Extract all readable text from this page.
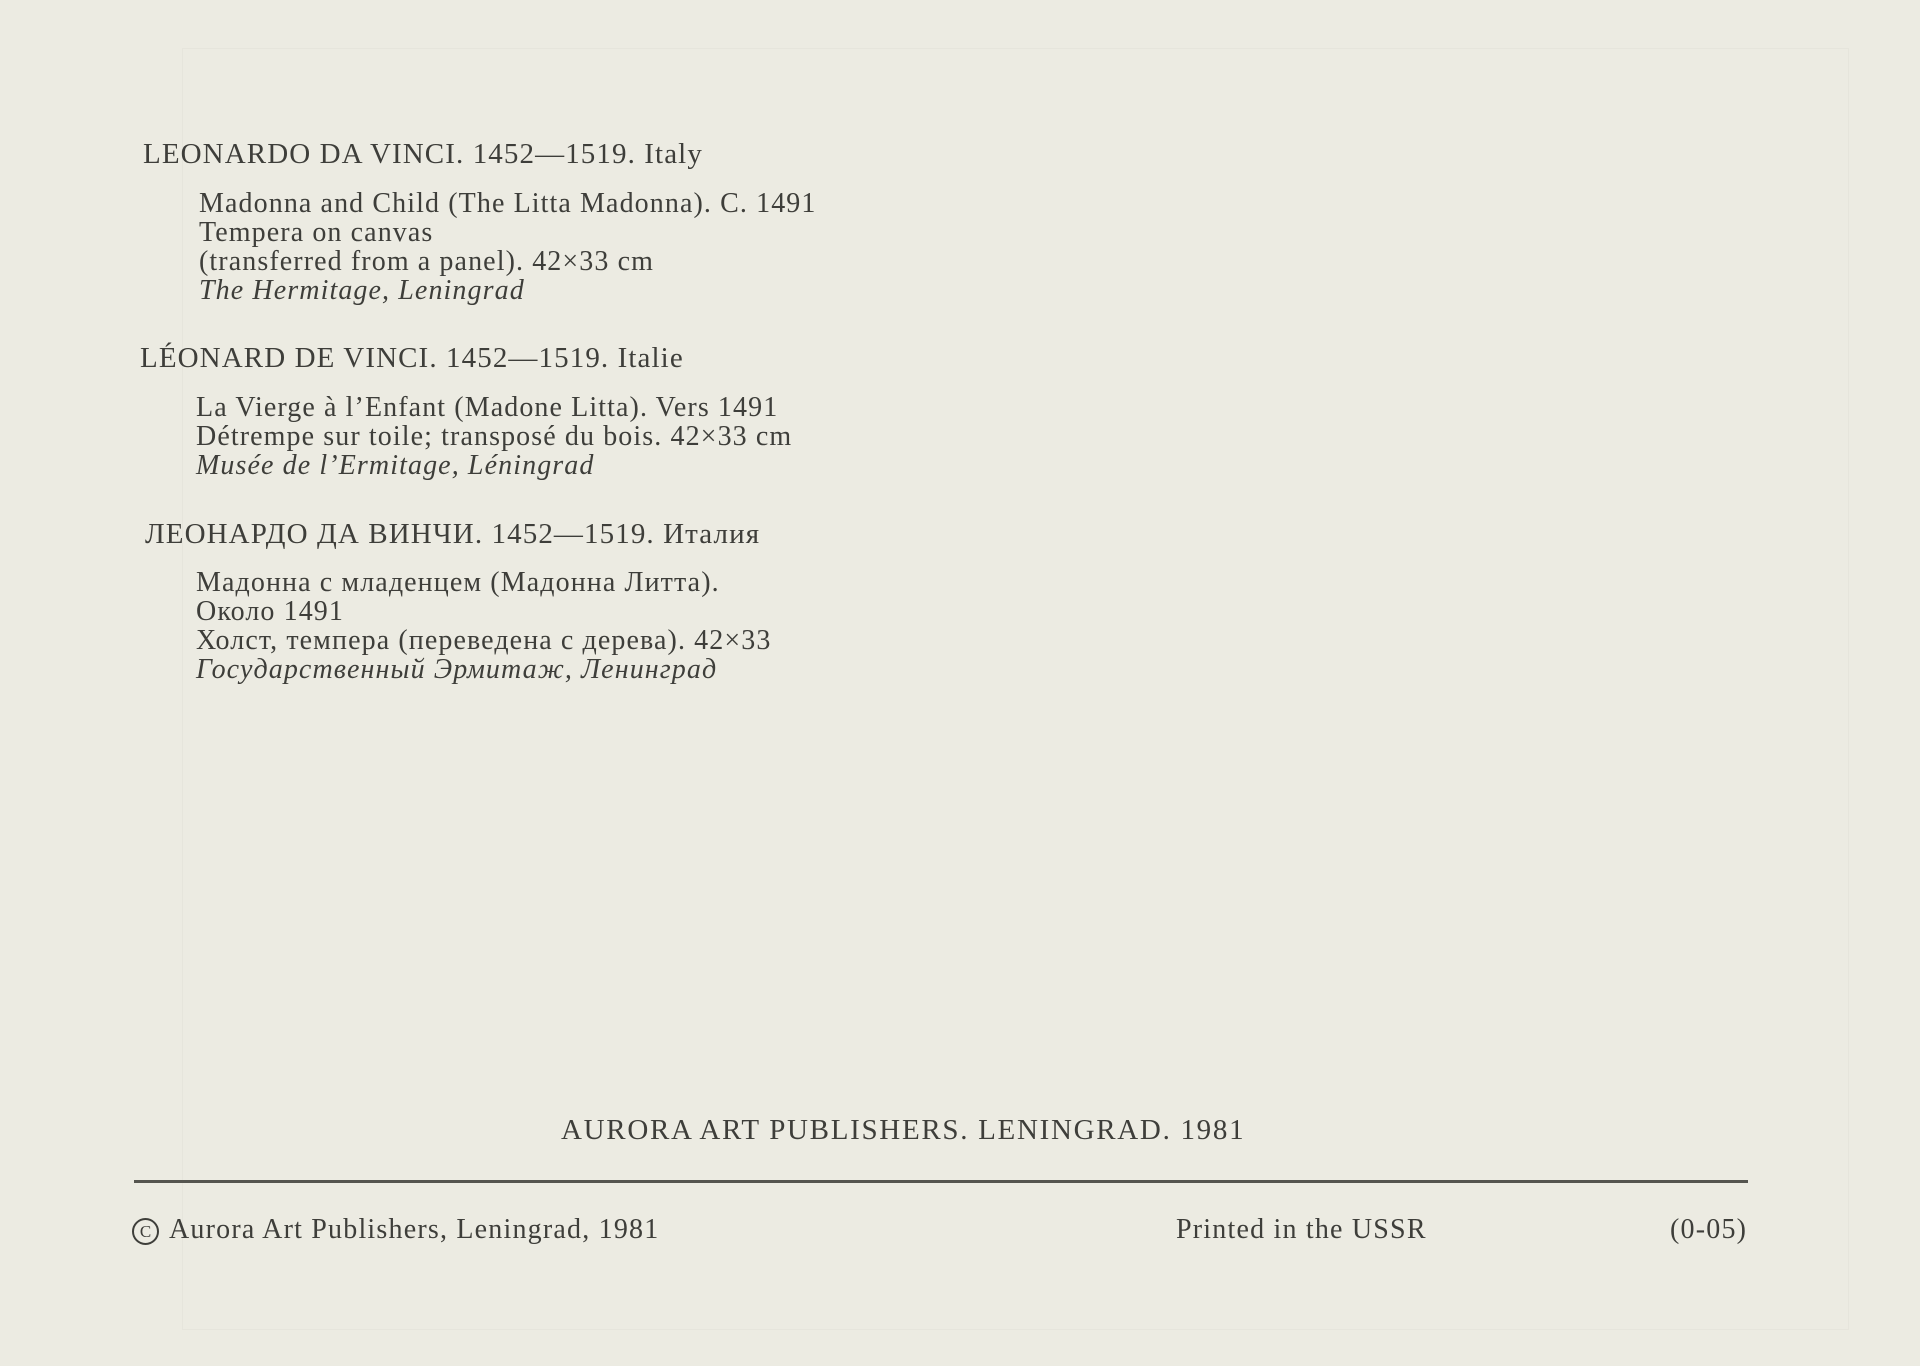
LEONARDO DA VINCI. 1452—1519. Italy
Madonna and Child (The Litta Madonna). C. 1491
Tempera on canvas
(transferred from a panel). 42×33 cm
The Hermitage, Leningrad
LÉONARD DE VINCI. 1452—1519. Italie
La Vierge à l’Enfant (Madone Litta). Vers 1491
Détrempe sur toile; transposé du bois. 42×33 cm
Musée de l’Ermitage, Léningrad
ЛЕОНАРДО ДА ВИНЧИ. 1452—1519. Италия
Мадонна с младенцем (Мадонна Литта).
Около 1491
Холст, темпера (переведена с дерева). 42×33
Государственный Эрмитаж, Ленинград
AURORA ART PUBLISHERS. LENINGRAD. 1981
C Aurora Art Publishers, Leningrad, 1981	Printed in the USSR	(0-05)
